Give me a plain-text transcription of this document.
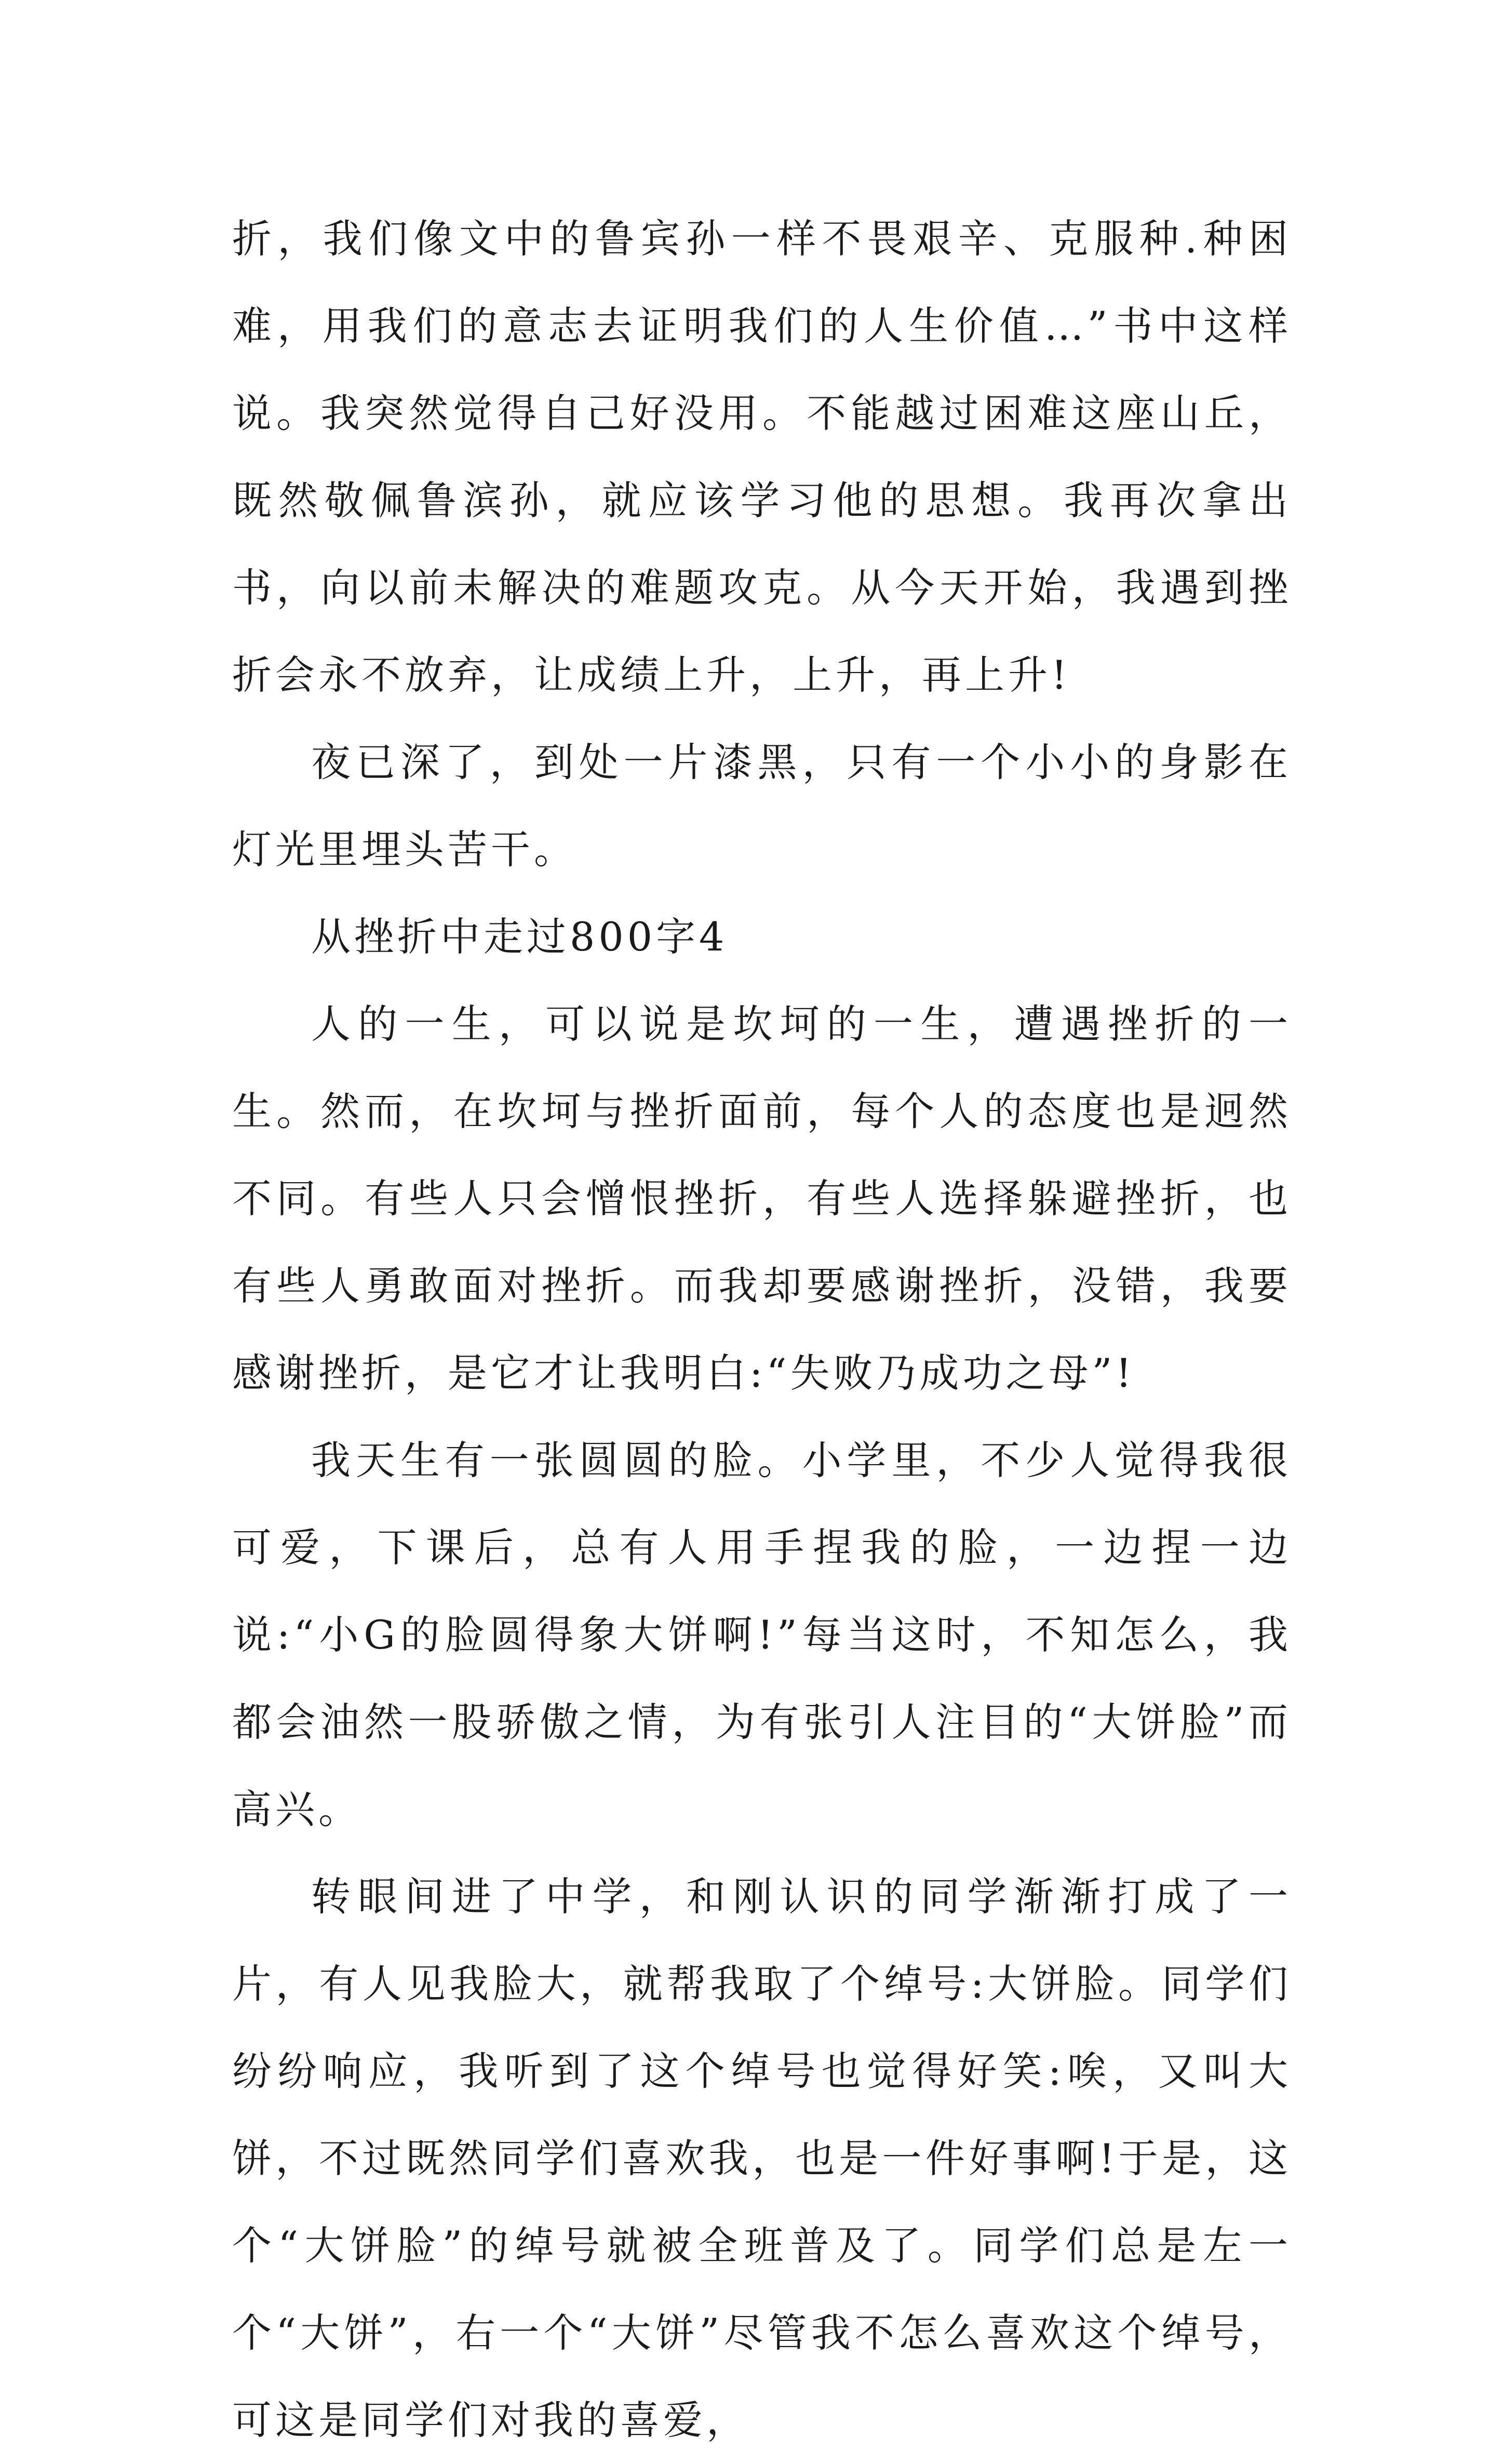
折，我们像文中的鲁宾孙一样不畏艰辛、克服种.种困难，用我们的意志去证明我们的人生价值…”书中这样说。我突然觉得自己好没用。不能越过困难这座山丘，既然敬佩鲁滨孙，就应该学习他的思想。我再次拿出书，向以前未解决的难题攻克。从今天开始，我遇到挫折会永不放弃，让成绩上升，上升，再上升!

夜已深了，到处一片漆黑，只有一个小小的身影在灯光里埋头苦干。

从挫折中走过800字4

人的一生，可以说是坎坷的一生，遭遇挫折的一生。然而，在坎坷与挫折面前，每个人的态度也是迥然不同。有些人只会憎恨挫折，有些人选择躲避挫折，也有些人勇敢面对挫折。而我却要感谢挫折，没错，我要感谢挫折，是它才让我明白:“失败乃成功之母”!

我天生有一张圆圆的脸。小学里，不少人觉得我很可爱，下课后，总有人用手捏我的脸，一边捏一边说:“小G的脸圆得象大饼啊!”每当这时，不知怎么，我都会油然一股骄傲之情，为有张引人注目的“大饼脸”而高兴。

转眼间进了中学，和刚认识的同学渐渐打成了一片，有人见我脸大，就帮我取了个绰号:大饼脸。同学们纷纷响应，我听到了这个绰号也觉得好笑:唉，又叫大饼，不过既然同学们喜欢我，也是一件好事啊!于是，这个“大饼脸”的绰号就被全班普及了。同学们总是左一个“大饼”，右一个“大饼”尽管我不怎么喜欢这个绰号，可这是同学们对我的喜爱，
